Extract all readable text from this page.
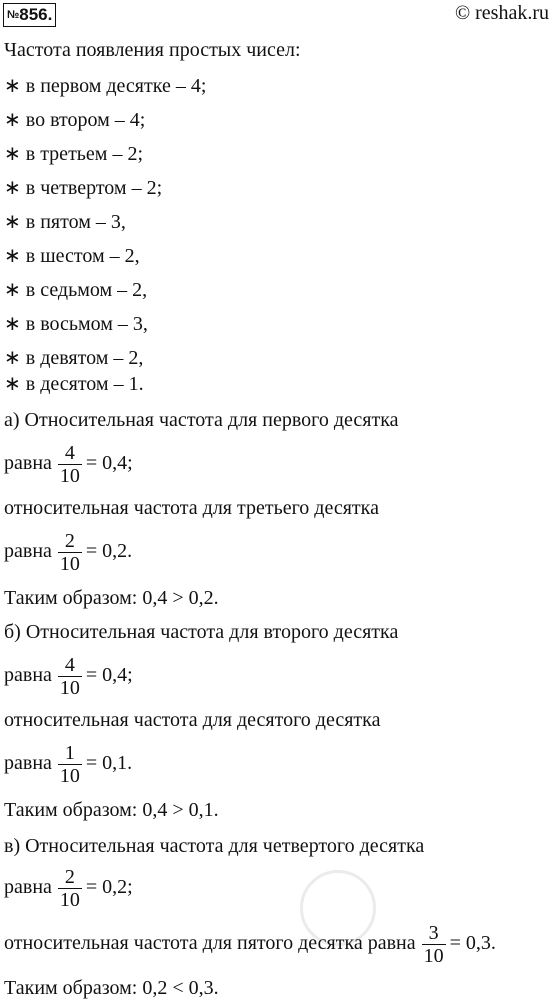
№856.	© reshak.ru
Частота появления простых чисел:
∗ в первом десятке – 4;
∗ во втором – 4;
∗ в третьем – 2;
∗ в четвертом – 2;
∗ в пятом – 3,
∗ в шестом – 2,
∗ в седьмом – 2,
∗ в восьмом – 3,
∗ в девятом – 2,
∗ в десятом – 1.
а) Относительная частота для первого десятка
равна $\frac{4}{10} = 0,4$;
относительная частота для третьего десятка
равна $\frac{2}{10} = 0,2$.
Таким образом: 0,4 > 0,2.
б) Относительная частота для второго десятка
равна $\frac{4}{10} = 0,4$;
относительная частота для десятого десятка
равна $\frac{1}{10} = 0,1$.
Таким образом: 0,4 > 0,1.
в) Относительная частота для четвертого десятка
равна $\frac{2}{10} = 0,2$;
относительная частота для пятого десятка равна $\frac{3}{10} = 0,3$.
Таким образом: 0,2 < 0,3.
